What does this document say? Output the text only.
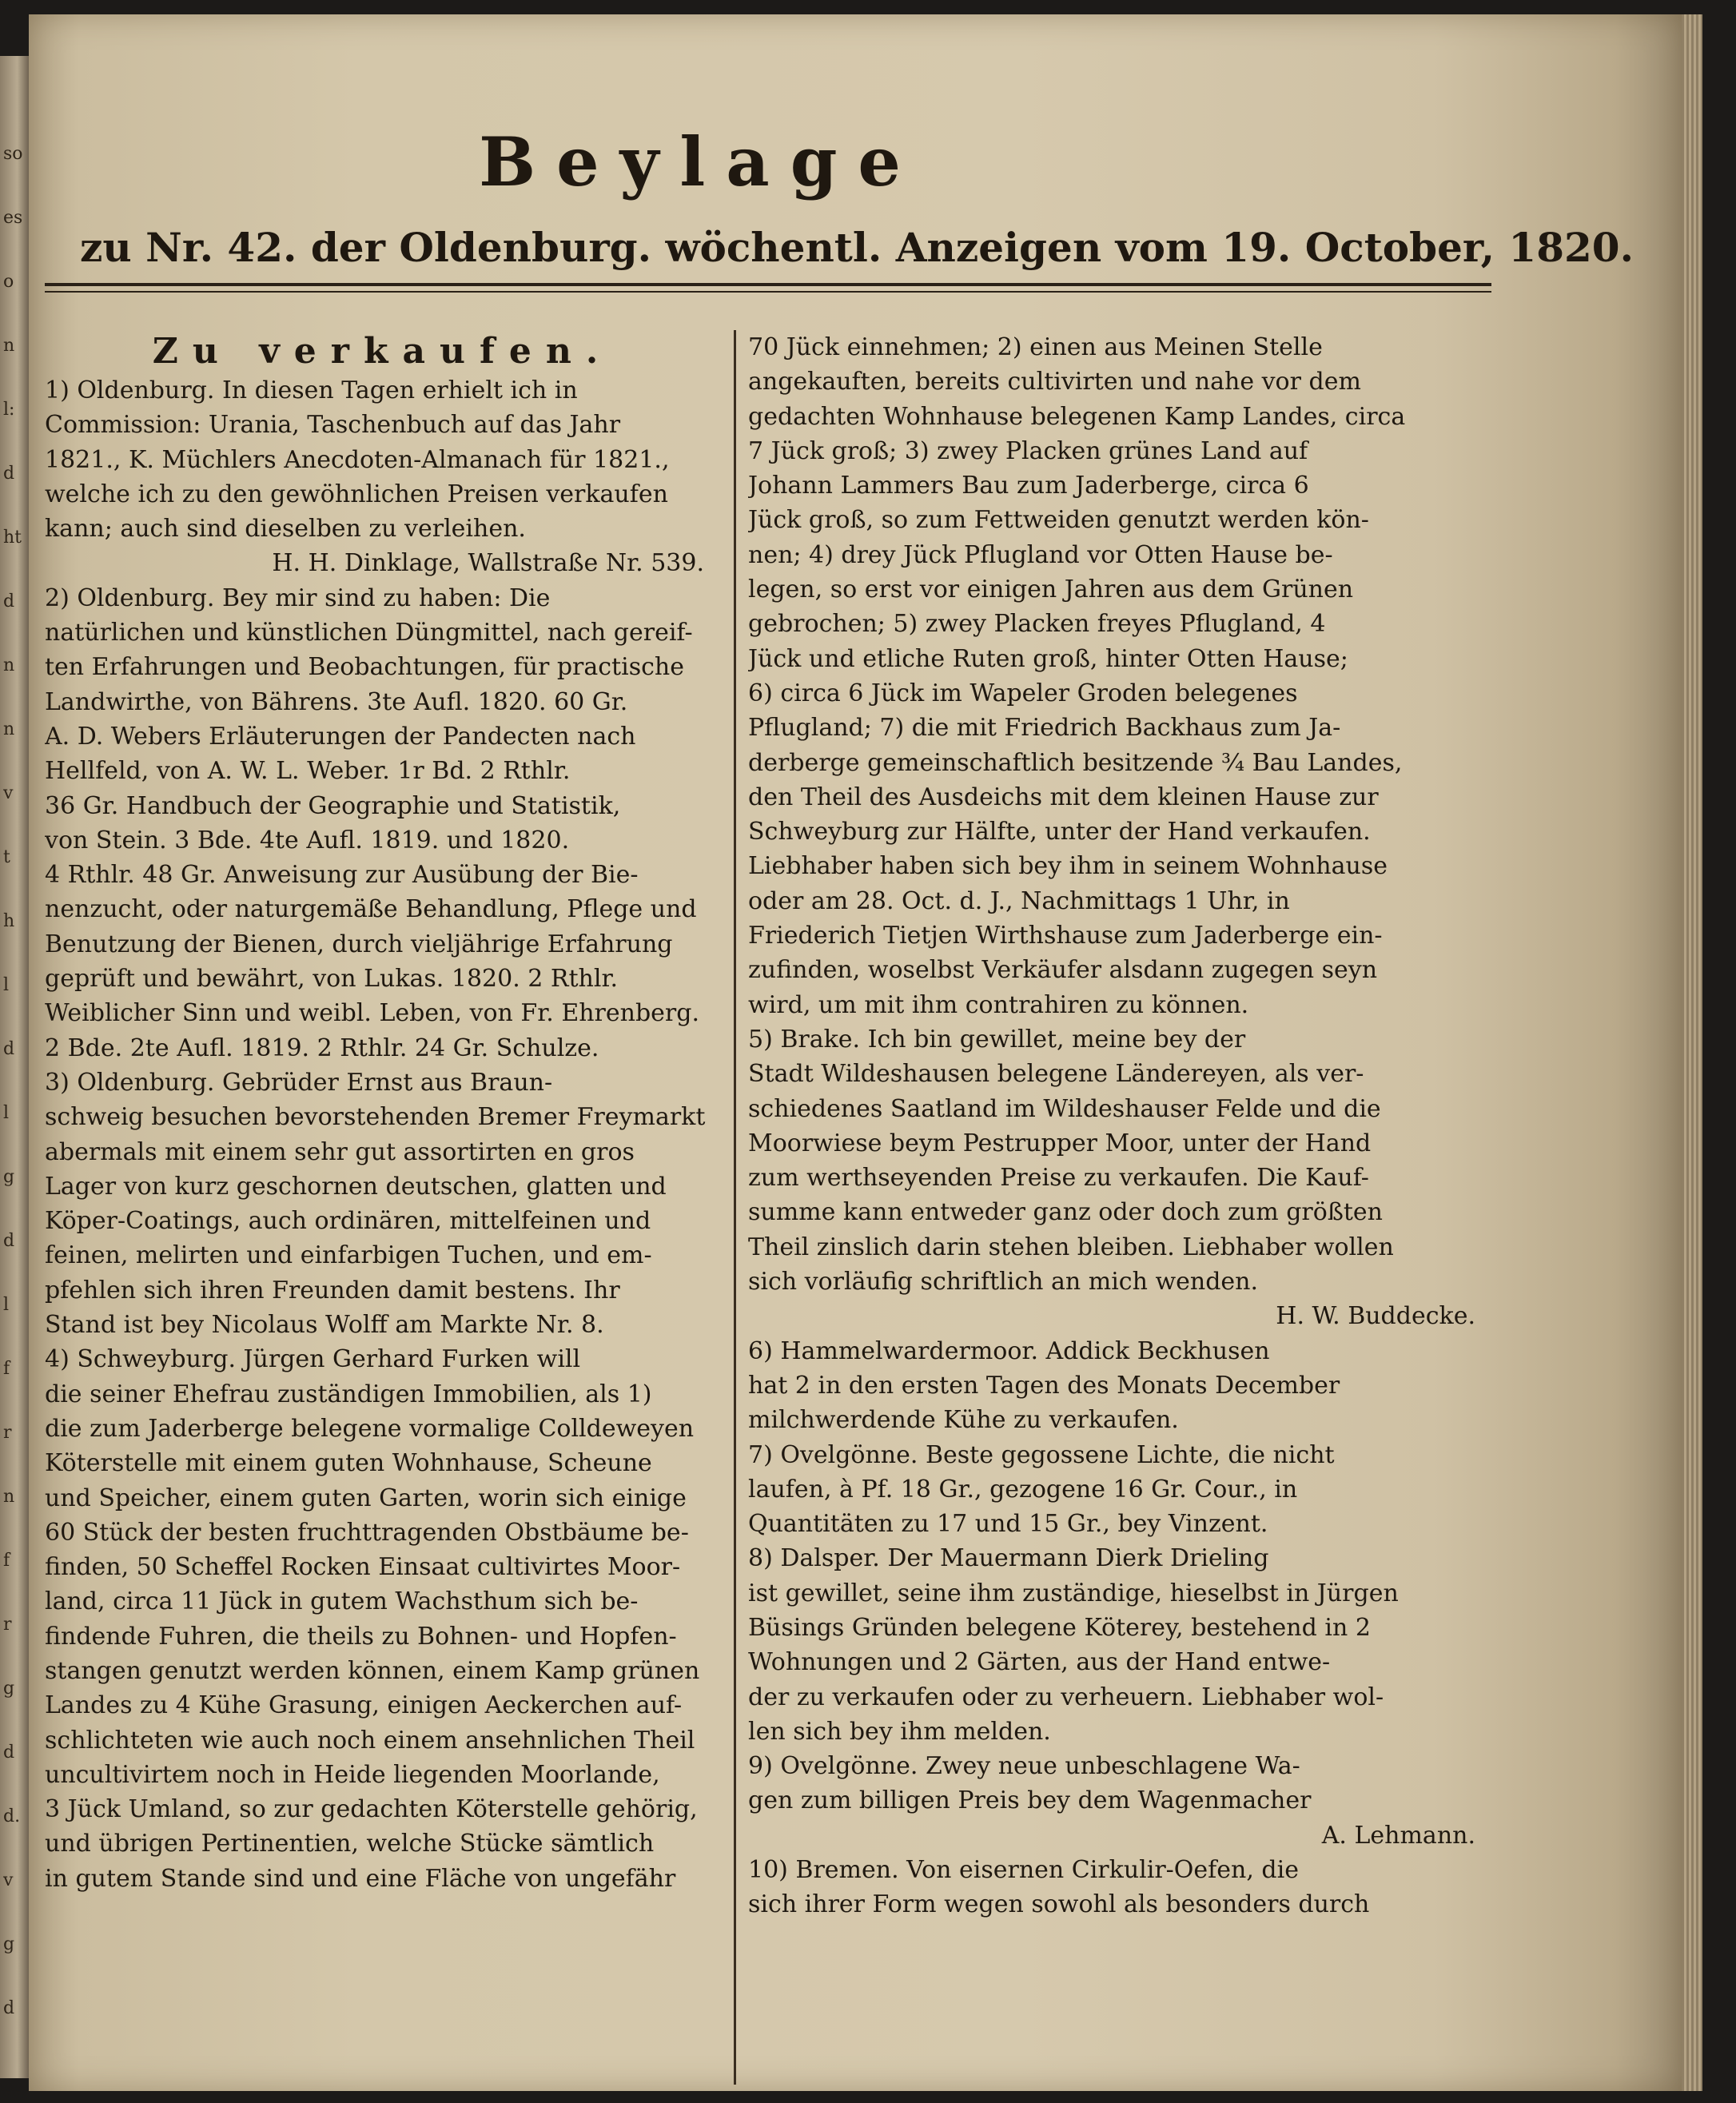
so
es
o
n
l:
d
ht
d
n
n
v
t
h
l
d
l
g
d
l
f
r
n
f
r
g
d
d.
v
g
d
Beylage
zu Nr. 42. der Oldenburg. wöchentl. Anzeigen vom 19. October, 1820.
Zu verkaufen.
1) Oldenburg. In diesen Tagen erhielt ich in
Commission: Urania, Taschenbuch auf das Jahr
1821., K. Müchlers Anecdoten-Almanach für 1821.,
welche ich zu den gewöhnlichen Preisen verkaufen
kann; auch sind dieselben zu verleihen.
H. H. Dinklage, Wallstraße Nr. 539.
2) Oldenburg. Bey mir sind zu haben: Die
natürlichen und künstlichen Düngmittel, nach gereif-
ten Erfahrungen und Beobachtungen, für practische
Landwirthe, von Bährens. 3te Aufl. 1820. 60 Gr.
A. D. Webers Erläuterungen der Pandecten nach
Hellfeld, von A. W. L. Weber. 1r Bd. 2 Rthlr.
36 Gr. Handbuch der Geographie und Statistik,
von Stein. 3 Bde. 4te Aufl. 1819. und 1820.
4 Rthlr. 48 Gr. Anweisung zur Ausübung der Bie-
nenzucht, oder naturgemäße Behandlung, Pflege und
Benutzung der Bienen, durch vieljährige Erfahrung
geprüft und bewährt, von Lukas. 1820. 2 Rthlr.
Weiblicher Sinn und weibl. Leben, von Fr. Ehrenberg.
2 Bde. 2te Aufl. 1819. 2 Rthlr. 24 Gr. Schulze.
3) Oldenburg. Gebrüder Ernst aus Braun-
schweig besuchen bevorstehenden Bremer Freymarkt
abermals mit einem sehr gut assortirten en gros
Lager von kurz geschornen deutschen, glatten und
Köper-Coatings, auch ordinären, mittelfeinen und
feinen, melirten und einfarbigen Tuchen, und em-
pfehlen sich ihren Freunden damit bestens. Ihr
Stand ist bey Nicolaus Wolff am Markte Nr. 8.
4) Schweyburg. Jürgen Gerhard Furken will
die seiner Ehefrau zuständigen Immobilien, als 1)
die zum Jaderberge belegene vormalige Colldeweyen
Köterstelle mit einem guten Wohnhause, Scheune
und Speicher, einem guten Garten, worin sich einige
60 Stück der besten fruchttragenden Obstbäume be-
finden, 50 Scheffel Rocken Einsaat cultivirtes Moor-
land, circa 11 Jück in gutem Wachsthum sich be-
findende Fuhren, die theils zu Bohnen- und Hopfen-
stangen genutzt werden können, einem Kamp grünen
Landes zu 4 Kühe Grasung, einigen Aeckerchen auf-
schlichteten wie auch noch einem ansehnlichen Theil
uncultivirtem noch in Heide liegenden Moorlande,
3 Jück Umland, so zur gedachten Köterstelle gehörig,
und übrigen Pertinentien, welche Stücke sämtlich
in gutem Stande sind und eine Fläche von ungefähr
70 Jück einnehmen; 2) einen aus Meinen Stelle
angekauften, bereits cultivirten und nahe vor dem
gedachten Wohnhause belegenen Kamp Landes, circa
7 Jück groß; 3) zwey Placken grünes Land auf
Johann Lammers Bau zum Jaderberge, circa 6
Jück groß, so zum Fettweiden genutzt werden kön-
nen; 4) drey Jück Pflugland vor Otten Hause be-
legen, so erst vor einigen Jahren aus dem Grünen
gebrochen; 5) zwey Placken freyes Pflugland, 4
Jück und etliche Ruten groß, hinter Otten Hause;
6) circa 6 Jück im Wapeler Groden belegenes
Pflugland; 7) die mit Friedrich Backhaus zum Ja-
derberge gemeinschaftlich besitzende ¾ Bau Landes,
den Theil des Ausdeichs mit dem kleinen Hause zur
Schweyburg zur Hälfte, unter der Hand verkaufen.
Liebhaber haben sich bey ihm in seinem Wohnhause
oder am 28. Oct. d. J., Nachmittags 1 Uhr, in
Friederich Tietjen Wirthshause zum Jaderberge ein-
zufinden, woselbst Verkäufer alsdann zugegen seyn
wird, um mit ihm contrahiren zu können.
5) Brake. Ich bin gewillet, meine bey der
Stadt Wildeshausen belegene Ländereyen, als ver-
schiedenes Saatland im Wildeshauser Felde und die
Moorwiese beym Pestrupper Moor, unter der Hand
zum werthseyenden Preise zu verkaufen. Die Kauf-
summe kann entweder ganz oder doch zum größten
Theil zinslich darin stehen bleiben. Liebhaber wollen
sich vorläufig schriftlich an mich wenden.
H. W. Buddecke.
6) Hammelwardermoor. Addick Beckhusen
hat 2 in den ersten Tagen des Monats December
milchwerdende Kühe zu verkaufen.
7) Ovelgönne. Beste gegossene Lichte, die nicht
laufen, à Pf. 18 Gr., gezogene 16 Gr. Cour., in
Quantitäten zu 17 und 15 Gr., bey Vinzent.
8) Dalsper. Der Mauermann Dierk Drieling
ist gewillet, seine ihm zuständige, hieselbst in Jürgen
Büsings Gründen belegene Köterey, bestehend in 2
Wohnungen und 2 Gärten, aus der Hand entwe-
der zu verkaufen oder zu verheuern. Liebhaber wol-
len sich bey ihm melden.
9) Ovelgönne. Zwey neue unbeschlagene Wa-
gen zum billigen Preis bey dem Wagenmacher
A. Lehmann.
10) Bremen. Von eisernen Cirkulir-Oefen, die
sich ihrer Form wegen sowohl als besonders durch
